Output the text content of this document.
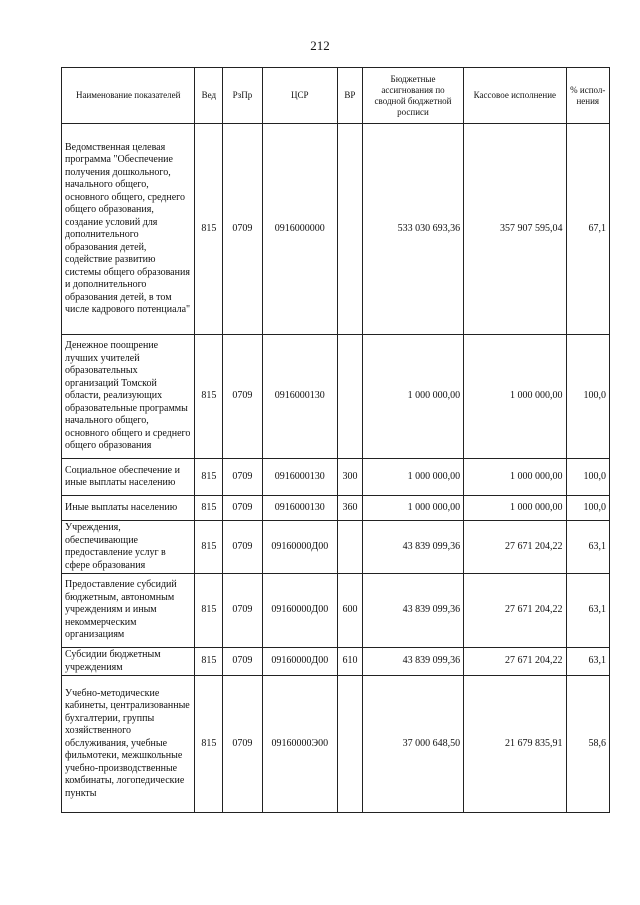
212
Наименование показателей	Вед	РзПр	ЦСР	ВР	Бюджетные ассигнования по сводной бюджетной росписи	Кассовое исполнение	% испол-нения
Ведомственная целевая программа "Обеспечение получения дошкольного, начального общего, основного общего, среднего общего образования, создание условий для дополнительного образования детей, содействие развитию системы общего образования и дополнительного образования детей, в том числе кадрового потенциала"	815	0709	0916000000		533 030 693,36	357 907 595,04	67,1
Денежное поощрение лучших учителей образовательных организаций Томской области, реализующих образовательные программы начального общего, основного общего и среднего общего образования	815	0709	0916000130		1 000 000,00	1 000 000,00	100,0
Социальное обеспечение и иные выплаты населению	815	0709	0916000130	300	1 000 000,00	1 000 000,00	100,0
Иные выплаты населению	815	0709	0916000130	360	1 000 000,00	1 000 000,00	100,0
Учреждения, обеспечивающие предоставление услуг в сфере образования	815	0709	09160000Д00		43 839 099,36	27 671 204,22	63,1
Предоставление субсидий бюджетным, автономным учреждениям и иным некоммерческим организациям	815	0709	09160000Д00	600	43 839 099,36	27 671 204,22	63,1
Субсидии бюджетным учреждениям	815	0709	09160000Д00	610	43 839 099,36	27 671 204,22	63,1
Учебно-методические кабинеты, централизованные бухгалтерии, группы хозяйственного обслуживания, учебные фильмотеки, межшкольные учебно-производственные комбинаты, логопедические пункты	815	0709	09160000Э00		37 000 648,50	21 679 835,91	58,6
